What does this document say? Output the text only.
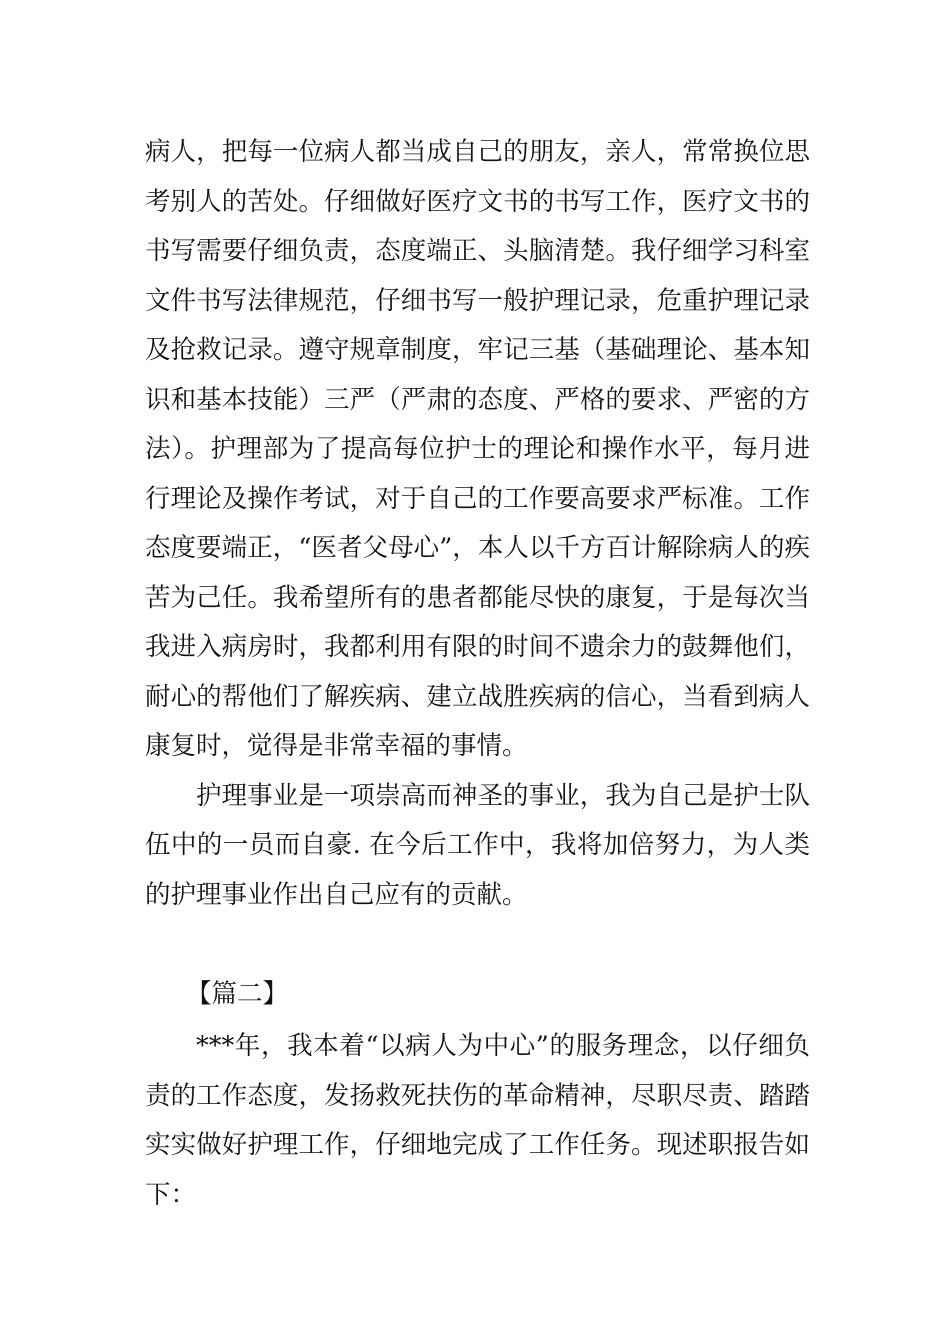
病人，把每一位病人都当成自己的朋友，亲人，常常换位思考别人的苦处。仔细做好医疗文书的书写工作，医疗文书的书写需要仔细负责，态度端正、头脑清楚。我仔细学习科室文件书写法律规范，仔细书写一般护理记录，危重护理记录及抢救记录。遵守规章制度，牢记三基（基础理论、基本知识和基本技能）三严（严肃的态度、严格的要求、严密的方法）。护理部为了提高每位护士的理论和操作水平，每月进行理论及操作考试，对于自己的工作要高要求严标准。工作态度要端正，“医者父母心”，本人以千方百计解除病人的疾苦为己任。我希望所有的患者都能尽快的康复，于是每次当我进入病房时，我都利用有限的时间不遗余力的鼓舞他们，耐心的帮他们了解疾病、建立战胜疾病的信心，当看到病人康复时，觉得是非常幸福的事情。

护理事业是一项崇高而神圣的事业，我为自己是护士队伍中的一员而自豪. 在今后工作中，我将加倍努力，为人类的护理事业作出自己应有的贡献。

【篇二】

***年，我本着“以病人为中心”的服务理念，以仔细负责的工作态度，发扬救死扶伤的革命精神，尽职尽责、踏踏实实做好护理工作，仔细地完成了工作任务。现述职报告如下：
